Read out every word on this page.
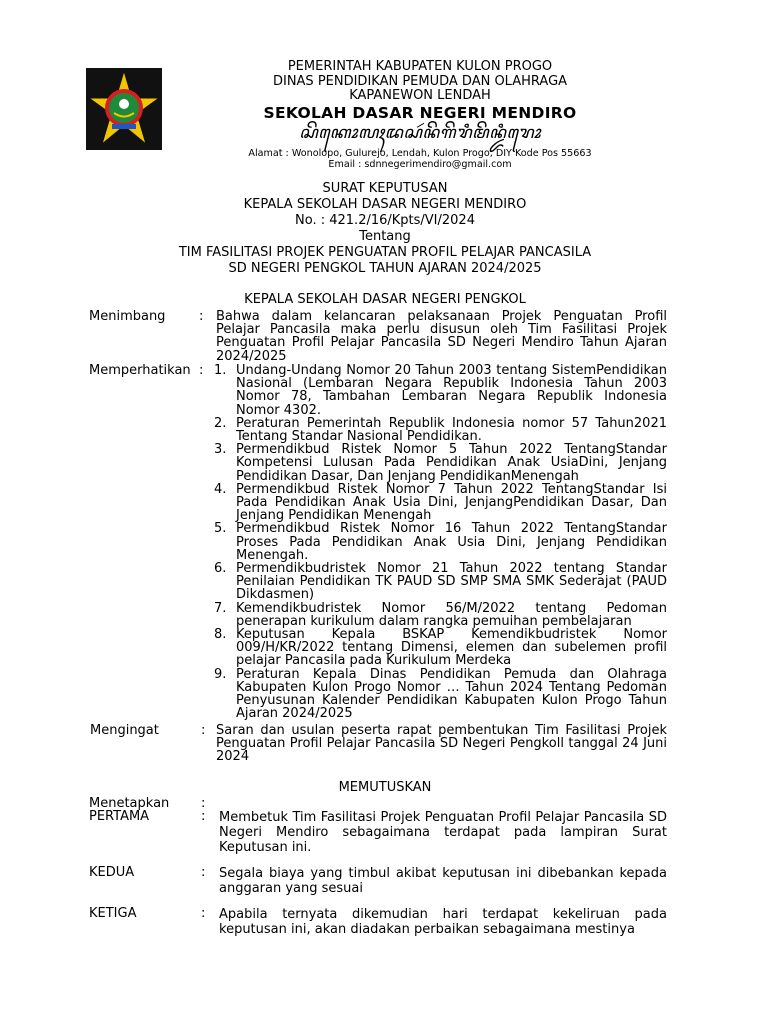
PEMERINTAH KABUPATEN KULON PROGO
DINAS PENDIDIKAN PEMUDA DAN OLAHRAGA
KAPANEWON LENDAH
SEKOLAH DASAR NEGERI MENDIRO
ꦱꦼꦏꦺꦴꦭꦃꦢꦱꦂꦤꦼꦒꦼꦫꦶꦩꦼꦤ꧀ꦢꦶꦫꦺꦴ
Alamat : Wonolopo, Gulurejo, Lendah, Kulon Progo, DIY Kode Pos 55663
Email : sdnnegerimendiro@gmail.com
SURAT KEPUTUSAN
KEPALA SEKOLAH DASAR NEGERI MENDIRO
No. : 421.2/16/Kpts/VI/2024
Tentang
TIM FASILITASI PROJEK PENGUATAN PROFIL PELAJAR PANCASILA
SD NEGERI PENGKOL TAHUN AJARAN 2024/2025
KEPALA SEKOLAH DASAR NEGERI PENGKOL
Menimbang	: Bahwa dalam kelancaran pelaksanaan Projek Penguatan Profil Pelajar Pancasila maka perlu disusun oleh Tim Fasilitasi Projek Penguatan Profil Pelajar Pancasila SD Negeri Mendiro Tahun Ajaran 2024/2025
Memperhatikan : 1. Undang-Undang Nomor 20 Tahun 2003 tentang SistemPendidikan Nasional (Lembaran Negara Republik Indonesia Tahun 2003 Nomor 78, Tambahan Lembaran Negara Republik Indonesia Nomor 4302.
2. Peraturan Pemerintah Republik Indonesia nomor 57 Tahun2021 Tentang Standar Nasional Pendidikan.
3. Permendikbud Ristek Nomor 5 Tahun 2022 TentangStandar Kompetensi Lulusan Pada Pendidikan Anak UsiaDini, Jenjang Pendidikan Dasar, Dan Jenjang PendidikanMenengah
4. Permendikbud Ristek Nomor 7 Tahun 2022 TentangStandar Isi Pada Pendidikan Anak Usia Dini, JenjangPendidikan Dasar, Dan Jenjang Pendidikan Menengah
5. Permendikbud Ristek Nomor 16 Tahun 2022 TentangStandar Proses Pada Pendidikan Anak Usia Dini, Jenjang Pendidikan Menengah.
6. Permendikbudristek Nomor 21 Tahun 2022 tentang Standar Penilaian Pendidikan TK PAUD SD SMP SMA SMK Sederajat (PAUD Dikdasmen)
7. Kemendikbudristek Nomor 56/M/2022 tentang Pedoman penerapan kurikulum dalam rangka pemuihan pembelajaran
8. Keputusan Kepala BSKAP Kemendikbudristek Nomor 009/H/KR/2022 tentang Dimensi, elemen dan subelemen profil pelajar Pancasila pada Kurikulum Merdeka
9. Peraturan Kepala Dinas Pendidikan Pemuda dan Olahraga Kabupaten Kulon Progo Nomor … Tahun 2024 Tentang Pedoman Penyusunan Kalender Pendidikan Kabupaten Kulon Progo Tahun Ajaran 2024/2025
Mengingat	: Saran dan usulan peserta rapat pembentukan Tim Fasilitasi Projek Penguatan Profil Pelajar Pancasila SD Negeri Pengkoll tanggal 24 Juni 2024
MEMUTUSKAN
Menetapkan	:
PERTAMA	: Membetuk Tim Fasilitasi Projek Penguatan Profil Pelajar Pancasila SD Negeri Mendiro sebagaimana terdapat pada lampiran Surat Keputusan ini.
KEDUA	: Segala biaya yang timbul akibat keputusan ini dibebankan kepada anggaran yang sesuai
KETIGA	: Apabila ternyata dikemudian hari terdapat kekeliruan pada keputusan ini, akan diadakan perbaikan sebagaimana mestinya
